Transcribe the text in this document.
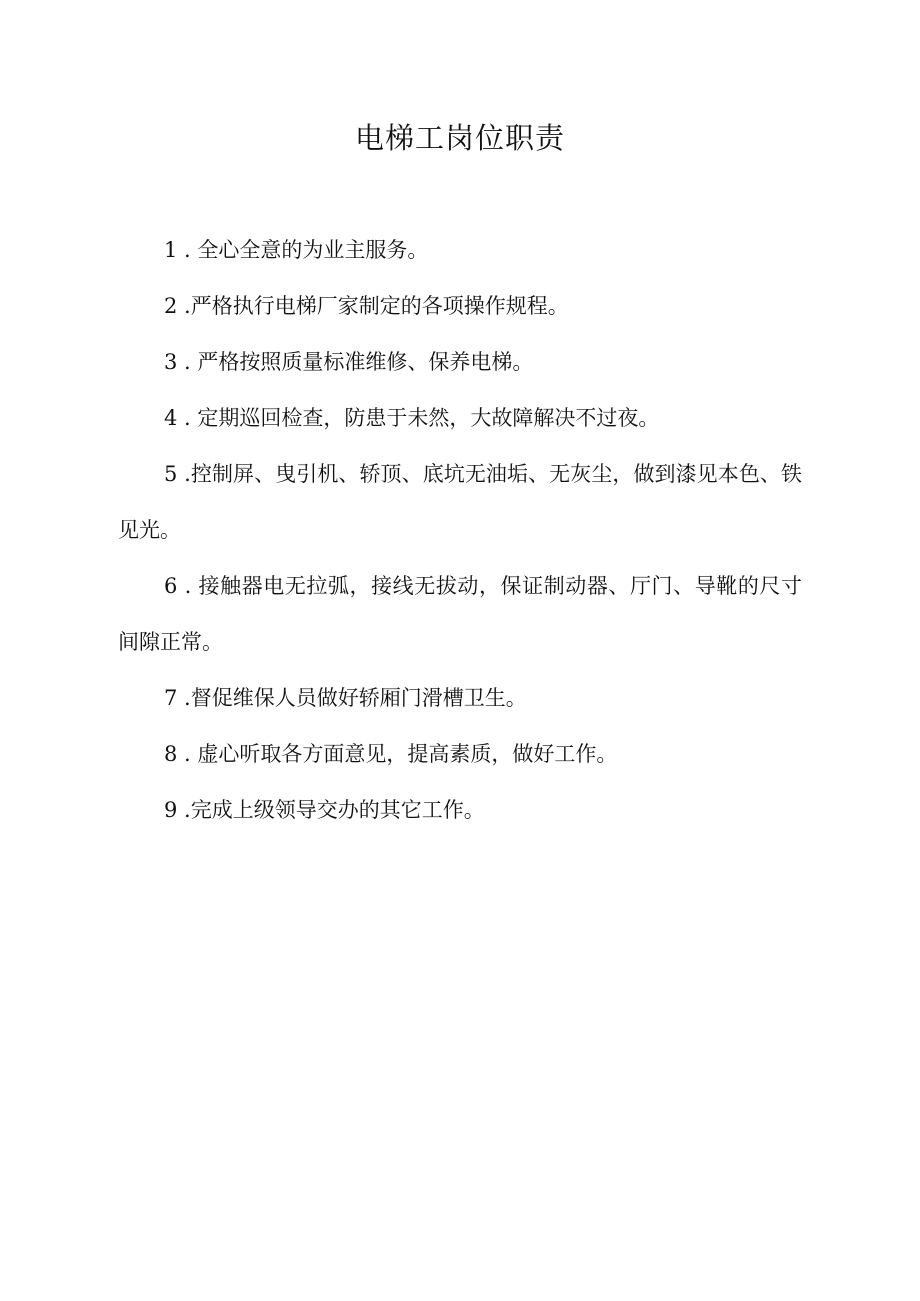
电梯工岗位职责

1 . 全心全意的为业主服务。

2 .严格执行电梯厂家制定的各项操作规程。

3 . 严格按照质量标准维修、保养电梯。

4 . 定期巡回检查，防患于未然，大故障解决不过夜。

5 .控制屏、曳引机、轿顶、底坑无油垢、无灰尘，做到漆见本色、铁见光。

6 . 接触器电无拉弧，接线无拔动，保证制动器、厅门、导靴的尺寸间隙正常。

7 .督促维保人员做好轿厢门滑槽卫生。

8 . 虚心听取各方面意见，提高素质，做好工作。

9 .完成上级领导交办的其它工作。
